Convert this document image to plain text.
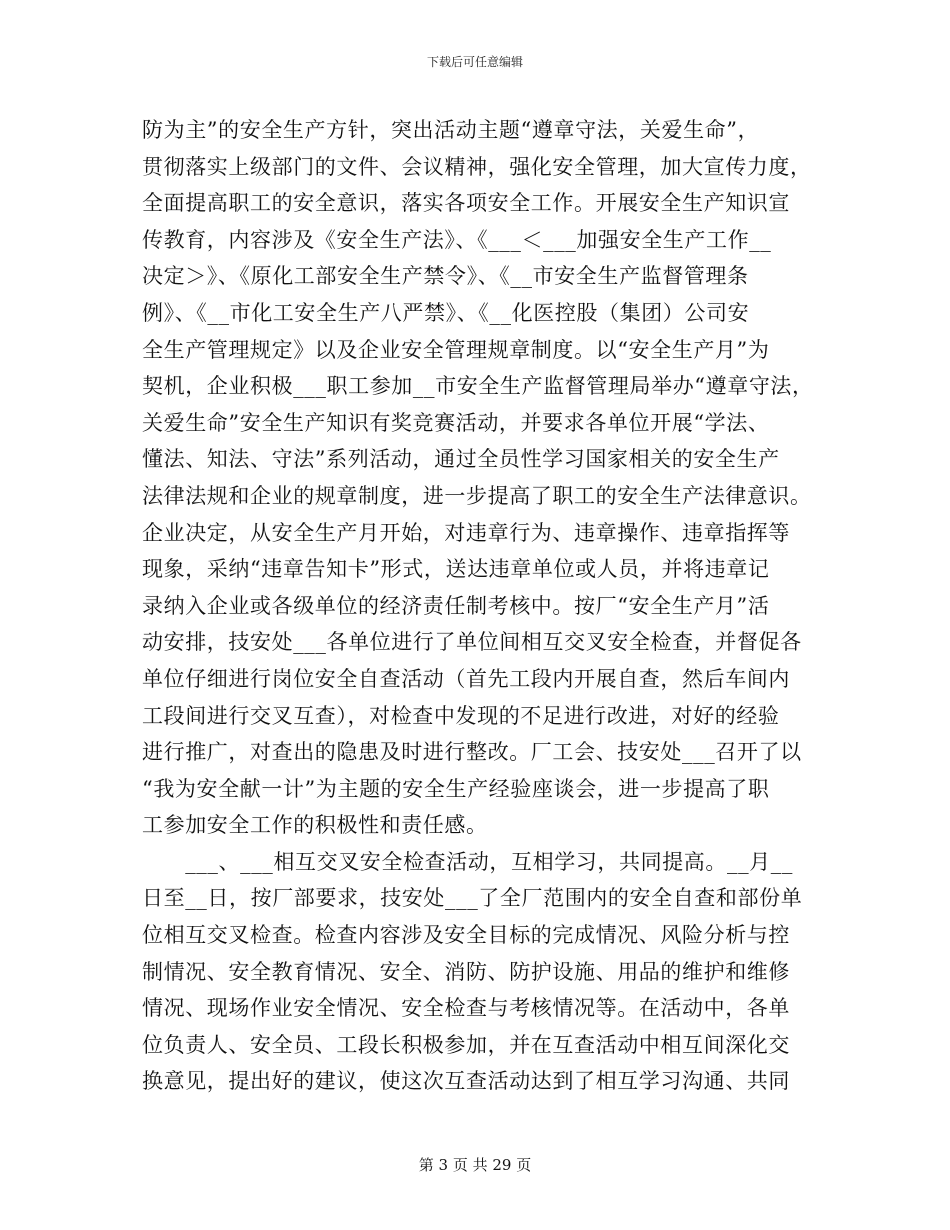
下载后可任意编辑
防为主”的安全生产方针，突出活动主题“遵章守法，关爱生命”，
贯彻落实上级部门的文件、会议精神，强化安全管理，加大宣传力度，
全面提高职工的安全意识，落实各项安全工作。开展安全生产知识宣
传教育，内容涉及《安全生产法》、《___＜___加强安全生产工作__
决定＞》、《原化工部安全生产禁令》、《__市安全生产监督管理条
例》、《__市化工安全生产八严禁》、《__化医控股（集团）公司安
全生产管理规定》以及企业安全管理规章制度。以“安全生产月”为
契机，企业积极___职工参加__市安全生产监督管理局举办“遵章守法，
关爱生命”安全生产知识有奖竞赛活动，并要求各单位开展“学法、
懂法、知法、守法”系列活动，通过全员性学习国家相关的安全生产
法律法规和企业的规章制度，进一步提高了职工的安全生产法律意识。
企业决定，从安全生产月开始，对违章行为、违章操作、违章指挥等
现象，采纳“违章告知卡”形式，送达违章单位或人员，并将违章记
录纳入企业或各级单位的经济责任制考核中。按厂“安全生产月”活
动安排，技安处___各单位进行了单位间相互交叉安全检查，并督促各
单位仔细进行岗位安全自查活动（首先工段内开展自查，然后车间内
工段间进行交叉互查），对检查中发现的不足进行改进，对好的经验
进行推广，对查出的隐患及时进行整改。厂工会、技安处___召开了以
“我为安全献一计”为主题的安全生产经验座谈会，进一步提高了职
工参加安全工作的积极性和责任感。
　　___、___相互交叉安全检查活动，互相学习，共同提高。__月__
日至__日，按厂部要求，技安处___了全厂范围内的安全自查和部份单
位相互交叉检查。检查内容涉及安全目标的完成情况、风险分析与控
制情况、安全教育情况、安全、消防、防护设施、用品的维护和维修
情况、现场作业安全情况、安全检查与考核情况等。在活动中，各单
位负责人、安全员、工段长积极参加，并在互查活动中相互间深化交
换意见，提出好的建议，使这次互查活动达到了相互学习沟通、共同
第 3 页 共 29 页
